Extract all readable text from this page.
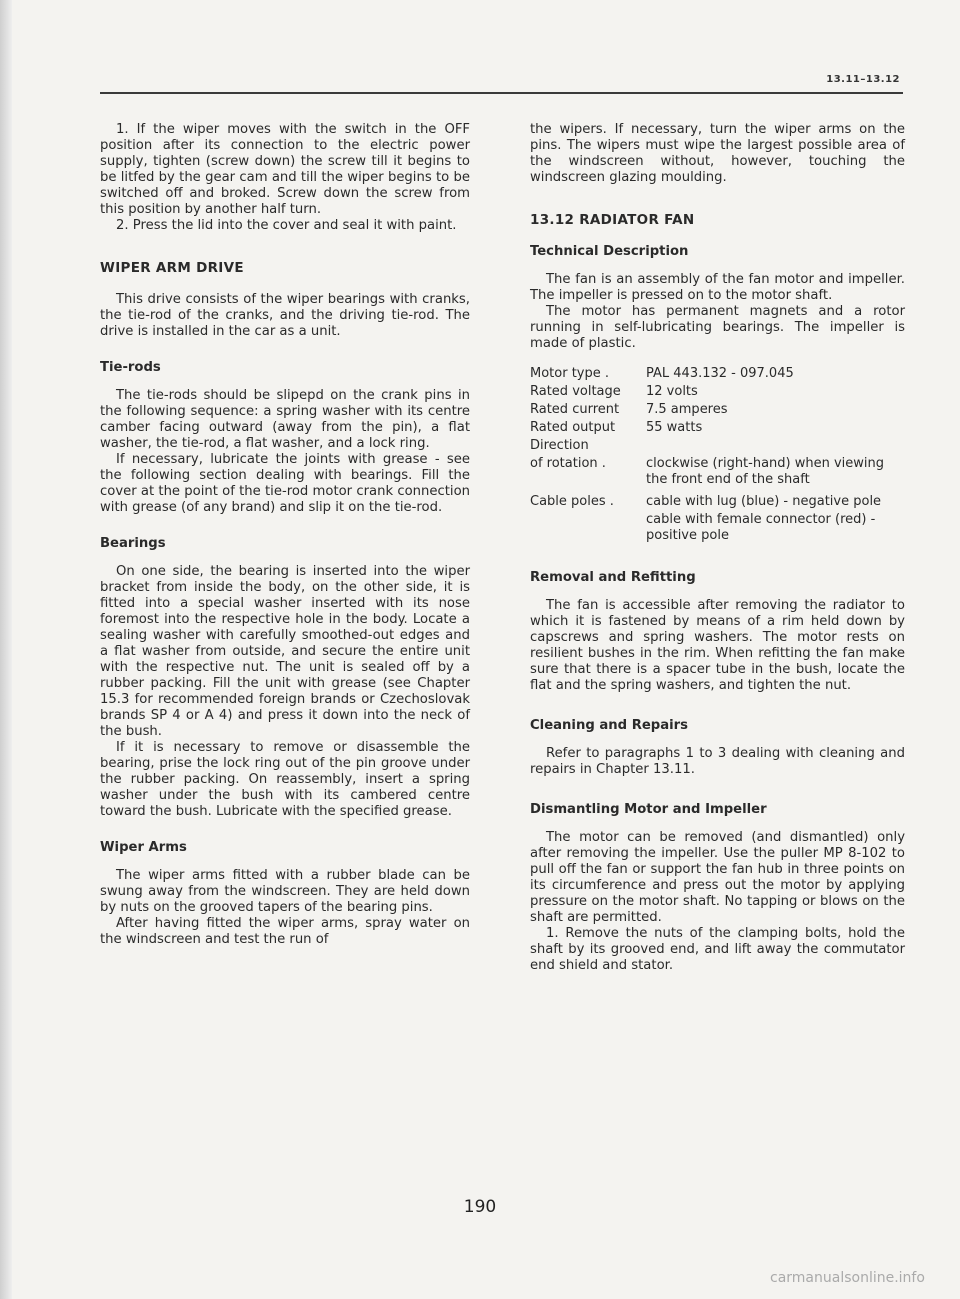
13.11–13.12

1. If the wiper moves with the switch in the OFF position after its connection to the electric power supply, tighten (screw down) the screw till it begins to be litfed by the gear cam and till the wiper begins to be switched off and broked. Screw down the screw from this position by another half turn.

2. Press the lid into the cover and seal it with paint.

WIPER ARM DRIVE

This drive consists of the wiper bearings with cranks, the tie-rod of the cranks, and the driving tie-rod. The drive is installed in the car as a unit.

Tie-rods

The tie-rods should be slipepd on the crank pins in the following sequence: a spring washer with its centre camber facing outward (away from the pin), a flat washer, the tie-rod, a flat washer, and a lock ring.

If necessary, lubricate the joints with grease - see the following section dealing with bearings. Fill the cover at the point of the tie-rod motor crank connection with grease (of any brand) and slip it on the tie-rod.

Bearings

On one side, the bearing is inserted into the wiper bracket from inside the body, on the other side, it is fitted into a special washer inserted with its nose foremost into the respective hole in the body. Locate a sealing washer with carefully smoothed-out edges and a flat washer from outside, and secure the entire unit with the respective nut. The unit is sealed off by a rubber packing. Fill the unit with grease (see Chapter 15.3 for recommended foreign brands or Czechoslovak brands SP 4 or A 4) and press it down into the neck of the bush.

If it is necessary to remove or disassemble the bearing, prise the lock ring out of the pin groove under the rubber packing. On reassembly, insert a spring washer under the bush with its cambered centre toward the bush. Lubricate with the specified grease.

Wiper Arms

The wiper arms fitted with a rubber blade can be swung away from the windscreen. They are held down by nuts on the grooved tapers of the bearing pins.

After having fitted the wiper arms, spray water on the windscreen and test the run of

the wipers. If necessary, turn the wiper arms on the pins. The wipers must wipe the largest possible area of the windscreen without, however, touching the windscreen glazing moulding.

13.12 RADIATOR FAN
Technical Description

The fan is an assembly of the fan motor and impeller. The impeller is pressed on to the motor shaft.

The motor has permanent magnets and a rotor running in self-lubricating bearings. The impeller is made of plastic.

Motor type .	PAL 443.132 - 097.045
Rated voltage	12 volts
Rated current	7.5 amperes
Rated output	55 watts
Direction
of rotation .	clockwise (right-hand) when viewing the front end of the shaft
Cable poles .	cable with lug (blue) - negative pole
cable with female connector (red) - positive pole
Removal and Refitting

The fan is accessible after removing the radiator to which it is fastened by means of a rim held down by capscrews and spring washers. The motor rests on resilient bushes in the rim. When refitting the fan make sure that there is a spacer tube in the bush, locate the flat and the spring washers, and tighten the nut.

Cleaning and Repairs

Refer to paragraphs 1 to 3 dealing with cleaning and repairs in Chapter 13.11.

Dismantling Motor and Impeller

The motor can be removed (and dismantled) only after removing the impeller. Use the puller MP 8-102 to pull off the fan or support the fan hub in three points on its circumference and press out the motor by applying pressure on the motor shaft. No tapping or blows on the shaft are permitted.

1. Remove the nuts of the clamping bolts, hold the shaft by its grooved end, and lift away the commutator end shield and stator.

190
carmanualsonline.info
